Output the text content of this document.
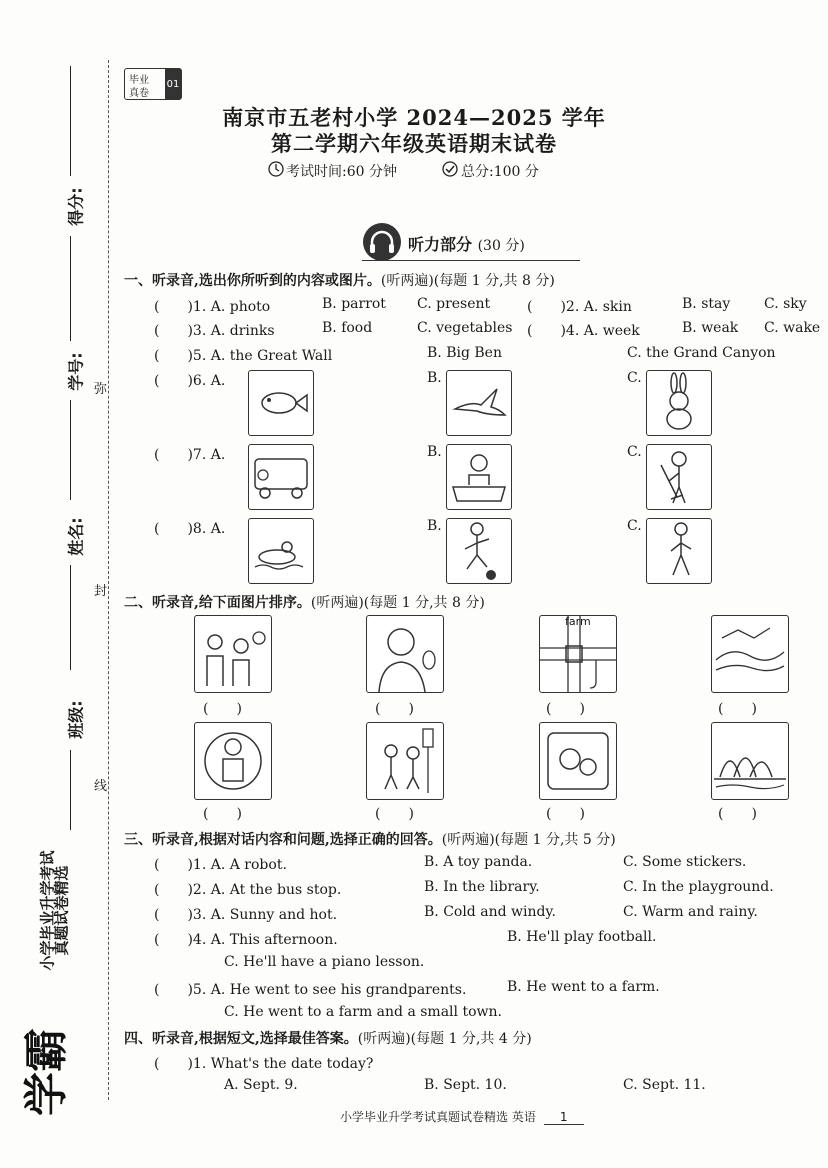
得分:
学号:
姓名:
班级:
弥
封
线
学霸
小学毕业升学考试
真题试卷精选
毕业
真卷
01
南京市五老村小学 2024—2025 学年
第二学期六年级英语期末试卷
考试时间:60 分钟	总分:100 分
听力部分 (30 分)
一、听录音,选出你所听到的内容或图片。(听两遍)(每题 1 分,共 8 分)
(　　)1. A. photo	B. parrot C. present	(　　)2. A. skin	B. stay C. sky
(　　)3. A. drinks	B. food	C. vegetables (　　)4. A. week	B. weak C. wake
(　　)5. A. the Great Wall	B. Big Ben	C. the Grand Canyon
(　　)6. A.	B.	C.
(　　)7. A.	B.	C.
(　　)8. A.	B.	C.
二、听录音,给下面图片排序。(听两遍)(每题 1 分,共 8 分)
farm
(　　)	(　　)	(　　)	(　　)
(　　)	(　　)	(　　)	(　　)
三、听录音,根据对话内容和问题,选择正确的回答。(听两遍)(每题 1 分,共 5 分)
(　　)1. A. A robot.	B. A toy panda.	C. Some stickers.
(　　)2. A. At the bus stop.	B. In the library.	C. In the playground.
(　　)3. A. Sunny and hot.	B. Cold and windy.	C. Warm and rainy.
(　　)4. A. This afternoon.	B. He'll play football.
C. He'll have a piano lesson.
(　　)5. A. He went to see his grandparents.	B. He went to a farm.
C. He went to a farm and a small town.
四、听录音,根据短文,选择最佳答案。(听两遍)(每题 1 分,共 4 分)
(　　)1. What's the date today?
A. Sept. 9.	B. Sept. 10.	C. Sept. 11.
小学毕业升学考试真题试卷精选 英语 1
